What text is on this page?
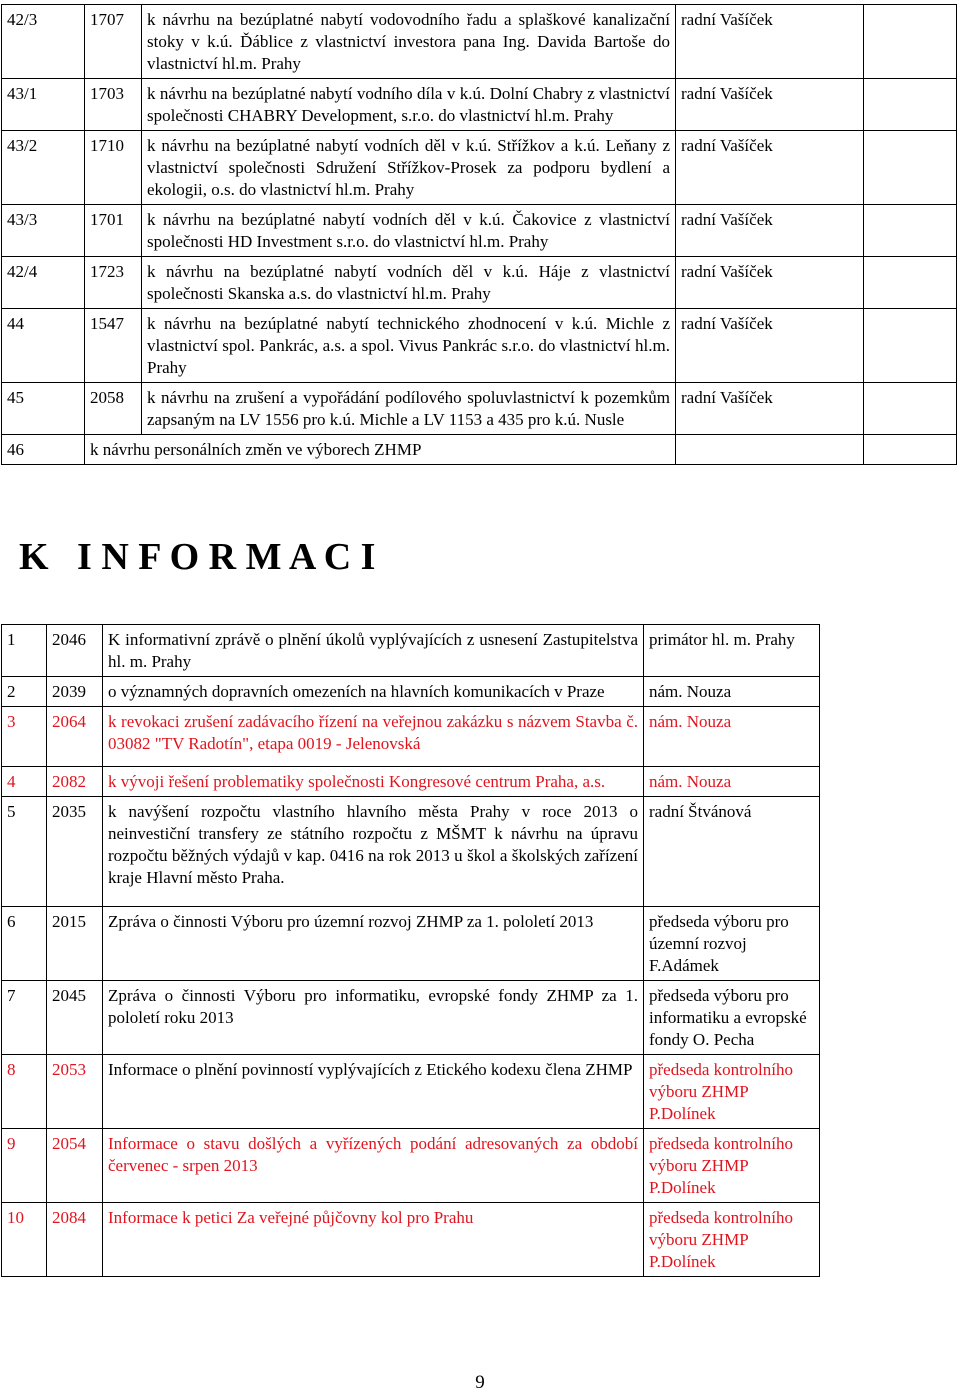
42/3	1707	k návrhu na bezúplatné nabytí vodovodního řadu a splaškové kanalizační stoky v k.ú. Ďáblice z vlastnictví investora pana Ing. Davida Bartoše do vlastnictví hl.m. Prahy	radní Vašíček	
43/1	1703	k návrhu na bezúplatné nabytí vodního díla v k.ú. Dolní Chabry z vlastnictví společnosti CHABRY Development, s.r.o. do vlastnictví hl.m. Prahy	radní Vašíček	
43/2	1710	k návrhu na bezúplatné nabytí vodních děl v k.ú. Střížkov a k.ú. Leňany z vlastnictví společnosti Sdružení Střížkov-Prosek za podporu bydlení a ekologii, o.s. do vlastnictví hl.m. Prahy	radní Vašíček	
43/3	1701	k návrhu na bezúplatné nabytí vodních děl v k.ú. Čakovice z vlastnictví společnosti HD Investment s.r.o. do vlastnictví hl.m. Prahy	radní Vašíček	
42/4	1723	k návrhu na bezúplatné nabytí vodních děl v k.ú. Háje z vlastnictví společnosti Skanska a.s. do vlastnictví hl.m. Prahy	radní Vašíček	
44	1547	k návrhu na bezúplatné nabytí technického zhodnocení v k.ú. Michle z vlastnictví spol. Pankrác, a.s. a spol. Vivus Pankrác s.r.o. do vlastnictví hl.m. Prahy	radní Vašíček	
45	2058	k návrhu na zrušení a vypořádání podílového spoluvlastnictví k pozemkům zapsaným na LV 1556 pro k.ú. Michle a LV 1153 a 435 pro k.ú. Nusle	radní Vašíček	
46	k návrhu personálních změn ve výborech ZHMP			
K   I N F O R M A C I
1	2046	K informativní zprávě o plnění úkolů vyplývajících z usnesení Zastupitelstva hl. m. Prahy	primátor hl. m. Prahy	
2	2039	o významných dopravních omezeních na hlavních komunikacích v Praze	nám. Nouza	
3	2064	k revokaci zrušení zadávacího řízení na veřejnou zakázku s názvem Stavba č. 03082 "TV Radotín", etapa 0019 - Jelenovská	nám. Nouza	
4	2082	k vývoji řešení problematiky společnosti Kongresové centrum Praha, a.s.	nám. Nouza	
5	2035	k navýšení rozpočtu vlastního hlavního města Prahy v roce 2013 o neinvestiční transfery ze státního rozpočtu z MŠMT k návrhu na úpravu rozpočtu běžných výdajů v kap. 0416 na rok 2013 u škol a školských zařízení kraje Hlavní město Praha.	radní Štvánová	
6	2015	Zpráva o činnosti Výboru pro územní rozvoj ZHMP za 1. pololetí 2013	předseda výboru pro územní rozvoj F.Adámek	
7	2045	Zpráva o činnosti Výboru pro informatiku, evropské fondy ZHMP za 1. pololetí roku 2013	předseda výboru pro informatiku a evropské fondy O. Pecha	
8	2053	Informace o plnění povinností vyplývajících z Etického kodexu člena ZHMP	předseda kontrolního výboru ZHMP P.Dolínek	
9	2054	Informace o stavu došlých a vyřízených podání adresovaných za období červenec - srpen 2013	předseda kontrolního výboru ZHMP P.Dolínek	
10	2084	Informace k petici Za veřejné půjčovny kol pro Prahu	předseda kontrolního výboru ZHMP P.Dolínek	
9
